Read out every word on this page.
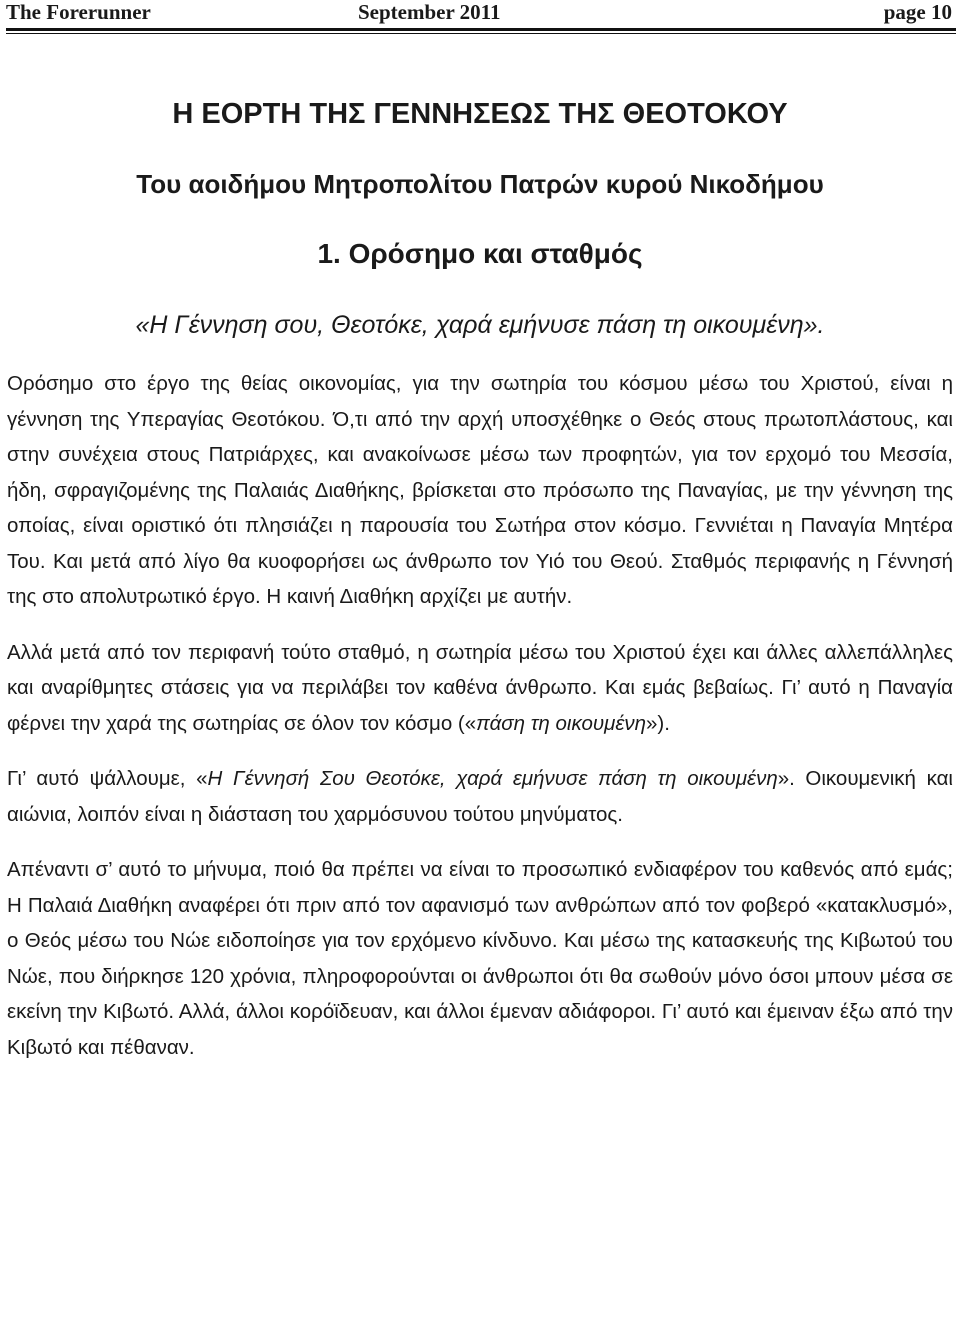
The Forerunner	September 2011	page 10
Η ΕΟΡΤΗ ΤΗΣ ΓΕΝΝΗΣΕΩΣ ΤΗΣ ΘΕΟΤΟΚΟΥ
Του αοιδήμου Μητροπολίτου Πατρών κυρού Νικοδήμου
1. Ορόσημο και σταθμός
«Η Γέννηση σου, Θεοτόκε, χαρά εμήνυσε πάση τη οικουμένη».

Ορόσημο στο έργο της θείας οικονομίας, για την σωτηρία του κόσμου μέσω του Χριστού, είναι η γέννηση της Υπεραγίας Θεοτόκου. Ό,τι από την αρχή υποσχέθηκε ο Θεός στους πρωτοπλάστους, και στην συνέχεια στους Πατριάρχες, και ανακοίνωσε μέσω των προφητών, για τον ερχομό του Μεσσία, ήδη, σφραγιζομένης της Παλαιάς Διαθήκης, βρίσκεται στο πρόσωπο της Παναγίας, με την γέννηση της οποίας, είναι οριστικό ότι πλησιάζει η παρουσία του Σωτήρα στον κόσμο. Γεννιέται η Παναγία Μητέρα Του. Και μετά από λίγο θα κυοφορήσει ως άνθρωπο τον Υιό του Θεού. Σταθμός περιφανής η Γέννησή της στο απολυτρωτικό έργο. Η καινή Διαθήκη αρχίζει με αυτήν.

Αλλά μετά από τον περιφανή τούτο σταθμό, η σωτηρία μέσω του Χριστού έχει και άλλες αλλεπάλληλες και αναρίθμητες στάσεις για να περιλάβει τον καθένα άνθρωπο. Και εμάς βεβαίως. Γι’ αυτό η Παναγία φέρνει την χαρά της σωτηρίας σε όλον τον κόσμο («πάση τη οικουμένη»).

Γι’ αυτό ψάλλουμε, «Η Γέννησή Σου Θεοτόκε, χαρά εμήνυσε πάση τη οικουμένη». Οικουμενική και αιώνια, λοιπόν είναι η διάσταση του χαρμόσυνου τούτου μηνύματος.

Απέναντι σ’ αυτό το μήνυμα, ποιό θα πρέπει να είναι το προσωπικό ενδιαφέρον του καθενός από εμάς; Η Παλαιά Διαθήκη αναφέρει ότι πριν από τον αφανισμό των ανθρώπων από τον φοβερό «κατακλυσμό», ο Θεός μέσω του Νώε ειδοποίησε για τον ερχόμενο κίνδυνο. Και μέσω της κατασκευής της Κιβωτού του Νώε, που διήρκησε 120 χρόνια, πληροφορούνται οι άνθρωποι ότι θα σωθούν μόνο όσοι μπουν μέσα σε εκείνη την Κιβωτό. Αλλά, άλλοι κορόϊδευαν, και άλλοι έμεναν αδιάφοροι. Γι’ αυτό και έμειναν έξω από την Κιβωτό και πέθαναν.
